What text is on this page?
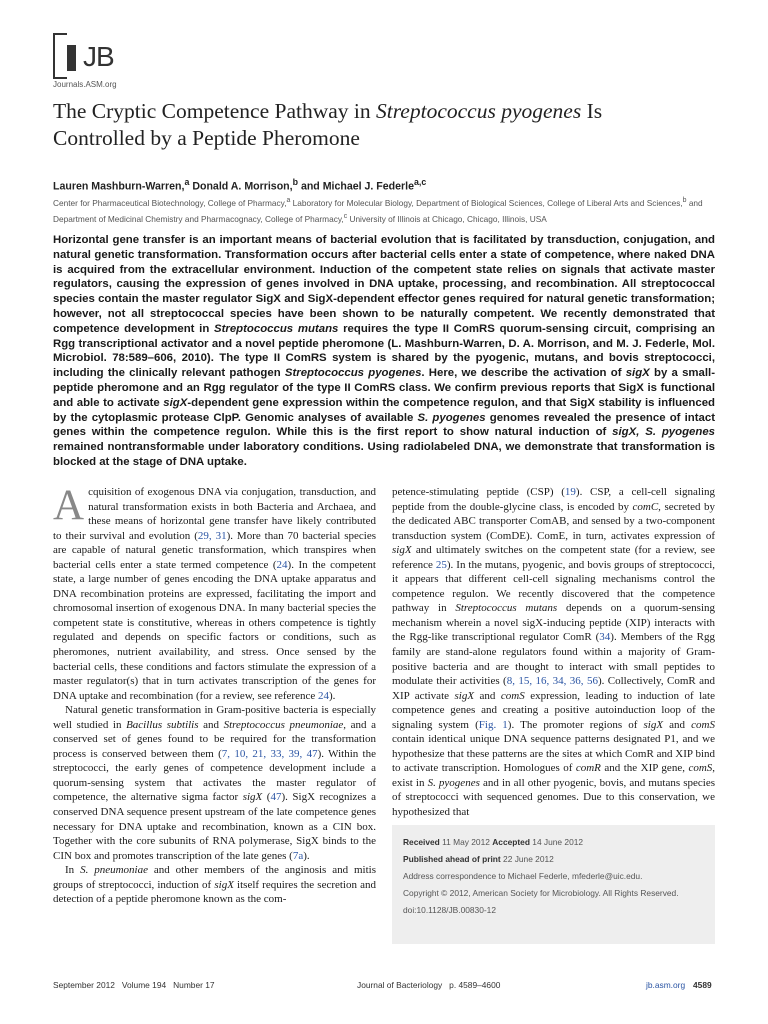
JB
Journals.ASM.org
The Cryptic Competence Pathway in Streptococcus pyogenes Is Controlled by a Peptide Pheromone
Lauren Mashburn-Warren,$^a$ Donald A. Morrison,$^b$ and Michael J. Federle$^{a,c}$
Center for Pharmaceutical Biotechnology, College of Pharmacy,$^a$ Laboratory for Molecular Biology, Department of Biological Sciences, College of Liberal Arts and Sciences,$^b$ and Department of Medicinal Chemistry and Pharmacognacy, College of Pharmacy,$^c$ University of Illinois at Chicago, Chicago, Illinois, USA
Horizontal gene transfer is an important means of bacterial evolution that is facilitated by transduction, conjugation, and natural genetic transformation. Transformation occurs after bacterial cells enter a state of competence, where naked DNA is acquired from the extracellular environment. Induction of the competent state relies on signals that activate master regulators, causing the expression of genes involved in DNA uptake, processing, and recombination. All streptococcal species contain the master regulator SigX and SigX-dependent effector genes required for natural genetic transformation; however, not all streptococcal species have been shown to be naturally competent. We recently demonstrated that competence development in Streptococcus mutans requires the type II ComRS quorum-sensing circuit, comprising an Rgg transcriptional activator and a novel peptide pheromone (L. Mashburn-Warren, D. A. Morrison, and M. J. Federle, Mol. Microbiol. 78:589–606, 2010). The type II ComRS system is shared by the pyogenic, mutans, and bovis streptococci, including the clinically relevant pathogen Streptococcus pyogenes. Here, we describe the activation of sigX by a small-peptide pheromone and an Rgg regulator of the type II ComRS class. We confirm previous reports that SigX is functional and able to activate sigX-dependent gene expression within the competence regulon, and that SigX stability is influenced by the cytoplasmic protease ClpP. Genomic analyses of available S. pyogenes genomes revealed the presence of intact genes within the competence regulon. While this is the first report to show natural induction of sigX, S. pyogenes remained nontransformable under laboratory conditions. Using radiolabeled DNA, we demonstrate that transformation is blocked at the stage of DNA uptake.

Acquisition of exogenous DNA via conjugation, transduction, and natural transformation exists in both Bacteria and Archaea, and these means of horizontal gene transfer have likely contributed to their survival and evolution (29, 31). More than 70 bacterial species are capable of natural genetic transformation, which transpires when bacterial cells enter a state termed competence (24). In the competent state, a large number of genes encoding the DNA uptake apparatus and DNA recombination proteins are expressed, facilitating the import and chromosomal insertion of exogenous DNA. In many bacterial species the competent state is constitutive, whereas in others competence is tightly regulated and depends on specific factors or conditions, such as pheromones, nutrient availability, and stress. Once sensed by the bacterial cells, these conditions and factors stimulate the expression of a master regulator(s) that in turn activates transcription of the genes for DNA uptake and recombination (for a review, see reference 24).

Natural genetic transformation in Gram-positive bacteria is especially well studied in Bacillus subtilis and Streptococcus pneumoniae, and a conserved set of genes found to be required for the transformation process is conserved between them (7, 10, 21, 33, 39, 47). Within the streptococci, the early genes of competence development include a quorum-sensing system that activates the master regulator of competence, the alternative sigma factor sigX (47). SigX recognizes a conserved DNA sequence present upstream of the late competence genes necessary for DNA uptake and recombination, known as a CIN box. Together with the core subunits of RNA polymerase, SigX binds to the CIN box and promotes transcription of the late genes (7a).

In S. pneumoniae and other members of the anginosis and mitis groups of streptococci, induction of sigX itself requires the secretion and detection of a peptide pheromone known as the com-

petence-stimulating peptide (CSP) (19). CSP, a cell-cell signaling peptide from the double-glycine class, is encoded by comC, secreted by the dedicated ABC transporter ComAB, and sensed by a two-component transduction system (ComDE). ComE, in turn, activates expression of sigX and ultimately switches on the competent state (for a review, see reference 25). In the mutans, pyogenic, and bovis groups of streptococci, it appears that different cell-cell signaling mechanisms control the competence regulon. We recently discovered that the competence pathway in Streptococcus mutans depends on a quorum-sensing mechanism wherein a novel sigX-inducing peptide (XIP) interacts with the Rgg-like transcriptional regulator ComR (34). Members of the Rgg family are stand-alone regulators found within a majority of Gram-positive bacteria and are thought to interact with small peptides to modulate their activities (8, 15, 16, 34, 36, 56). Collectively, ComR and XIP activate sigX and comS expression, leading to induction of late competence genes and creating a positive autoinduction loop of the signaling system (Fig. 1). The promoter regions of sigX and comS contain identical unique DNA sequence patterns designated P1, and we hypothesize that these patterns are the sites at which ComR and XIP bind to activate transcription. Homologues of comR and the XIP gene, comS, exist in S. pyogenes and in all other pyogenic, bovis, and mutans species of streptococci with sequenced genomes. Due to this conservation, we hypothesized that

Received 11 May 2012 Accepted 14 June 2012
Published ahead of print 22 June 2012
Address correspondence to Michael Federle, mfederle@uic.edu.
Copyright © 2012, American Society for Microbiology. All Rights Reserved.
doi:10.1128/JB.00830-12
September 2012   Volume 194   Number 17	Journal of Bacteriology   p. 4589–4600	jb.asm.org 4589
